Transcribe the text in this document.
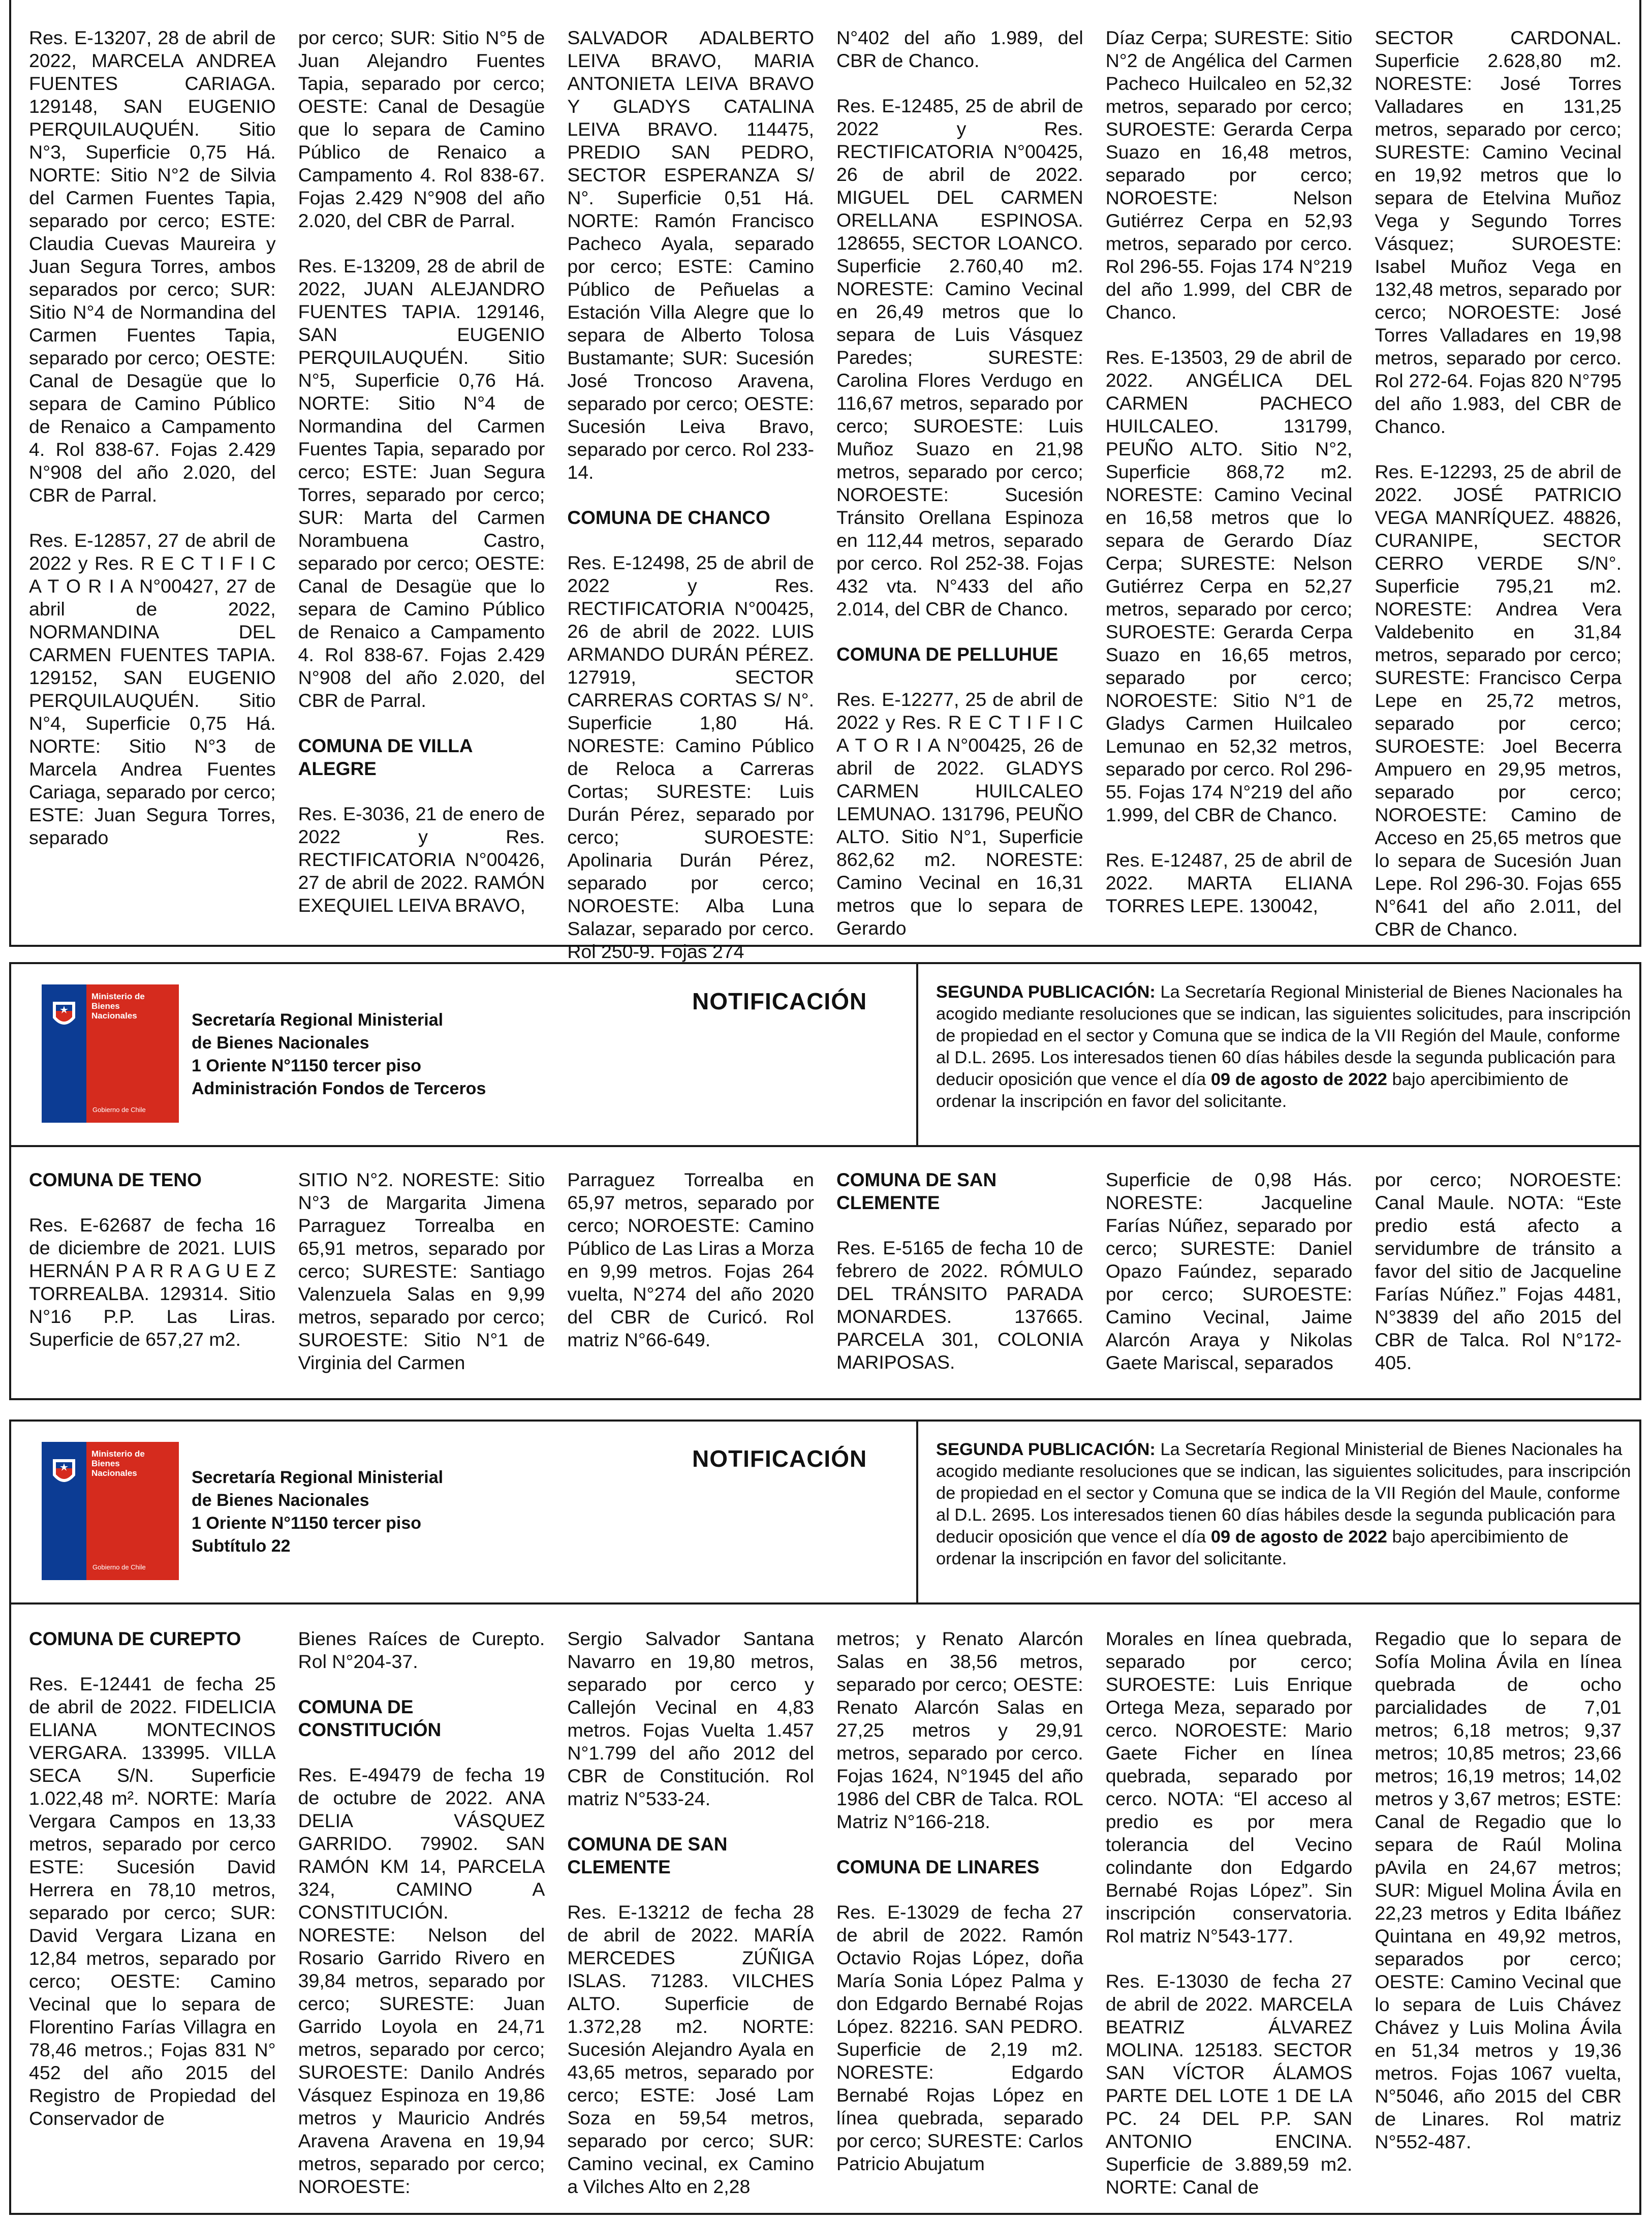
Res. E-13207, 28 de abril de 2022, MARCELA ANDREA FUENTES CARIAGA. 129148, SAN EUGENIO PERQUILAUQUÉN. Sitio N°3, Superficie 0,75 Há. NORTE: Sitio N°2 de Silvia del Carmen Fuentes Tapia, separado por cerco; ESTE: Claudia Cuevas Maureira y Juan Segura Torres, ambos separados por cerco; SUR: Sitio N°4 de Normandina del Carmen Fuentes Tapia, separado por cerco; OESTE: Canal de Desagüe que lo separa de Camino Público de Renaico a Campamento 4. Rol 838-67. Fojas 2.429 N°908 del año 2.020, del CBR de Parral.

Res. E-12857, 27 de abril de 2022 y Res. R E C T I F I C A T O R I A N°00427, 27 de abril de 2022, NORMANDINA DEL CARMEN FUENTES TAPIA. 129152, SAN EUGENIO PERQUILAUQUÉN. Sitio N°4, Superficie 0,75 Há. NORTE: Sitio N°3 de Marcela Andrea Fuentes Cariaga, separado por cerco; ESTE: Juan Segura Torres, separado

por cerco; SUR: Sitio N°5 de Juan Alejandro Fuentes Tapia, separado por cerco; OESTE: Canal de Desagüe que lo separa de Camino Público de Renaico a Campamento 4. Rol 838-67. Fojas 2.429 N°908 del año 2.020, del CBR de Parral.

Res. E-13209, 28 de abril de 2022, JUAN ALEJANDRO FUENTES TAPIA. 129146, SAN EUGENIO PERQUILAUQUÉN. Sitio N°5, Superficie 0,76 Há. NORTE: Sitio N°4 de Normandina del Carmen Fuentes Tapia, separado por cerco; ESTE: Juan Segura Torres, separado por cerco; SUR: Marta del Carmen Norambuena Castro, separado por cerco; OESTE: Canal de Desagüe que lo separa de Camino Público de Renaico a Campamento 4. Rol 838-67. Fojas 2.429 N°908 del año 2.020, del CBR de Parral.

COMUNA DE VILLA ALEGRE

Res. E-3036, 21 de enero de 2022 y Res. RECTIFICATORIA N°00426, 27 de abril de 2022. RAMÓN EXEQUIEL LEIVA BRAVO,

SALVADOR ADALBERTO LEIVA BRAVO, MARIA ANTONIETA LEIVA BRAVO Y GLADYS CATALINA LEIVA BRAVO. 114475, PREDIO SAN PEDRO, SECTOR ESPERANZA S/ N°. Superficie 0,51 Há. NORTE: Ramón Francisco Pacheco Ayala, separado por cerco; ESTE: Camino Público de Peñuelas a Estación Villa Alegre que lo separa de Alberto Tolosa Bustamante; SUR: Sucesión José Troncoso Aravena, separado por cerco; OESTE: Sucesión Leiva Bravo, separado por cerco. Rol 233-14.

COMUNA DE CHANCO

Res. E-12498, 25 de abril de 2022 y Res. RECTIFICATORIA N°00425, 26 de abril de 2022. LUIS ARMANDO DURÁN PÉREZ. 127919, SECTOR CARRERAS CORTAS S/ N°. Superficie 1,80 Há. NORESTE: Camino Público de Reloca a Carreras Cortas; SURESTE: Luis Durán Pérez, separado por cerco; SUROESTE: Apolinaria Durán Pérez, separado por cerco; NOROESTE: Alba Luna Salazar, separado por cerco. Rol 250-9. Fojas 274

N°402 del año 1.989, del CBR de Chanco.

Res. E-12485, 25 de abril de 2022 y Res. RECTIFICATORIA N°00425, 26 de abril de 2022. MIGUEL DEL CARMEN ORELLANA ESPINOSA. 128655, SECTOR LOANCO. Superficie 2.760,40 m2. NORESTE: Camino Vecinal en 26,49 metros que lo separa de Luis Vásquez Paredes; SURESTE: Carolina Flores Verdugo en 116,67 metros, separado por cerco; SUROESTE: Luis Muñoz Suazo en 21,98 metros, separado por cerco; NOROESTE: Sucesión Tránsito Orellana Espinoza en 112,44 metros, separado por cerco. Rol 252-38. Fojas 432 vta. N°433 del año 2.014, del CBR de Chanco.

COMUNA DE PELLUHUE

Res. E-12277, 25 de abril de 2022 y Res. R E C T I F I C A T O R I A N°00425, 26 de abril de 2022. GLADYS CARMEN HUILCALEO LEMUNAO. 131796, PEUÑO ALTO. Sitio N°1, Superficie 862,62 m2. NORESTE: Camino Vecinal en 16,31 metros que lo separa de Gerardo

Díaz Cerpa; SURESTE: Sitio N°2 de Angélica del Carmen Pacheco Huilcaleo en 52,32 metros, separado por cerco; SUROESTE: Gerarda Cerpa Suazo en 16,48 metros, separado por cerco; NOROESTE: Nelson Gutiérrez Cerpa en 52,93 metros, separado por cerco. Rol 296-55. Fojas 174 N°219 del año 1.999, del CBR de Chanco.

Res. E-13503, 29 de abril de 2022. ANGÉLICA DEL CARMEN PACHECO HUILCALEO. 131799, PEUÑO ALTO. Sitio N°2, Superficie 868,72 m2. NORESTE: Camino Vecinal en 16,58 metros que lo separa de Gerardo Díaz Cerpa; SURESTE: Nelson Gutiérrez Cerpa en 52,27 metros, separado por cerco; SUROESTE: Gerarda Cerpa Suazo en 16,65 metros, separado por cerco; NOROESTE: Sitio N°1 de Gladys Carmen Huilcaleo Lemunao en 52,32 metros, separado por cerco. Rol 296-55. Fojas 174 N°219 del año 1.999, del CBR de Chanco.

Res. E-12487, 25 de abril de 2022. MARTA ELIANA TORRES LEPE. 130042,

SECTOR CARDONAL. Superficie 2.628,80 m2. NORESTE: José Torres Valladares en 131,25 metros, separado por cerco; SURESTE: Camino Vecinal en 19,92 metros que lo separa de Etelvina Muñoz Vega y Segundo Torres Vásquez; SUROESTE: Isabel Muñoz Vega en 132,48 metros, separado por cerco; NOROESTE: José Torres Valladares en 19,98 metros, separado por cerco. Rol 272-64. Fojas 820 N°795 del año 1.983, del CBR de Chanco.

Res. E-12293, 25 de abril de 2022. JOSÉ PATRICIO VEGA MANRÍQUEZ. 48826, CURANIPE, SECTOR CERRO VERDE S/N°. Superficie 795,21 m2. NORESTE: Andrea Vera Valdebenito en 31,84 metros, separado por cerco; SURESTE: Francisco Cerpa Lepe en 25,72 metros, separado por cerco; SUROESTE: Joel Becerra Ampuero en 29,95 metros, separado por cerco; NOROESTE: Camino de Acceso en 25,65 metros que lo separa de Sucesión Juan Lepe. Rol 296-30. Fojas 655 N°641 del año 2.011, del CBR de Chanco.

Ministerio de
Bienes
Nacionales
Gobierno de Chile
Secretaría Regional Ministerial
de Bienes Nacionales
1 Oriente N°1150 tercer piso
Administración Fondos de Terceros
NOTIFICACIÓN	SEGUNDA PUBLICACIÓN: La Secretaría Regional Ministerial de Bienes Nacionales ha acogido mediante resoluciones que se indican, las siguientes solicitudes, para inscripción de propiedad en el sector y Comuna que se indica de la VII Región del Maule, conforme al D.L. 2695. Los interesados tienen 60 días hábiles desde la segunda publicación para deducir oposición que vence el día 09 de agosto de 2022 bajo apercibimiento de ordenar la inscripción en favor del solicitante.
COMUNA DE TENO

Res. E-62687 de fecha 16 de diciembre de 2021. LUIS HERNÁN P A R R A G U E Z TORREALBA. 129314. Sitio N°16 P.P. Las Liras. Superficie de 657,27 m2.

SITIO N°2. NORESTE: Sitio N°3 de Margarita Jimena Parraguez Torrealba en 65,91 metros, separado por cerco; SURESTE: Santiago Valenzuela Salas en 9,99 metros, separado por cerco; SUROESTE: Sitio N°1 de Virginia del Carmen

Parraguez Torrealba en 65,97 metros, separado por cerco; NOROESTE: Camino Público de Las Liras a Morza en 9,99 metros. Fojas 264 vuelta, N°274 del año 2020 del CBR de Curicó. Rol matriz N°66-649.

COMUNA DE SAN CLEMENTE

Res. E-5165 de fecha 10 de febrero de 2022. RÓMULO DEL TRÁNSITO PARADA MONARDES. 137665. PARCELA 301, COLONIA MARIPOSAS.

Superficie de 0,98 Hás. NORESTE: Jacqueline Farías Núñez, separado por cerco; SURESTE: Daniel Opazo Faúndez, separado por cerco; SUROESTE: Camino Vecinal, Jaime Alarcón Araya y Nikolas Gaete Mariscal, separados

por cerco; NOROESTE: Canal Maule. NOTA: “Este predio está afecto a servidumbre de tránsito a favor del sitio de Jacqueline Farías Núñez.” Fojas 4481, N°3839 del año 2015 del CBR de Talca. Rol N°172-405.

Ministerio de
Bienes
Nacionales
Gobierno de Chile
Secretaría Regional Ministerial
de Bienes Nacionales
1 Oriente N°1150 tercer piso
Subtítulo 22
NOTIFICACIÓN	SEGUNDA PUBLICACIÓN: La Secretaría Regional Ministerial de Bienes Nacionales ha acogido mediante resoluciones que se indican, las siguientes solicitudes, para inscripción de propiedad en el sector y Comuna que se indica de la VII Región del Maule, conforme al D.L. 2695. Los interesados tienen 60 días hábiles desde la segunda publicación para deducir oposición que vence el día 09 de agosto de 2022 bajo apercibimiento de ordenar la inscripción en favor del solicitante.
COMUNA DE CUREPTO

Res. E-12441 de fecha 25 de abril de 2022. FIDELICIA ELIANA MONTECINOS VERGARA. 133995. VILLA SECA S/N. Superficie 1.022,48 m². NORTE: María Vergara Campos en 13,33 metros, separado por cerco ESTE: Sucesión David Herrera en 78,10 metros, separado por cerco; SUR: David Vergara Lizana en 12,84 metros, separado por cerco; OESTE: Camino Vecinal que lo separa de Florentino Farías Villagra en 78,46 metros.; Fojas 831 N° 452 del año 2015 del Registro de Propiedad del Conservador de

Bienes Raíces de Curepto. Rol N°204-37.

COMUNA DE CONSTITUCIÓN

Res. E-49479 de fecha 19 de octubre de 2022. ANA DELIA VÁSQUEZ GARRIDO. 79902. SAN RAMÓN KM 14, PARCELA 324, CAMINO A CONSTITUCIÓN. NORESTE: Nelson del Rosario Garrido Rivero en 39,84 metros, separado por cerco; SURESTE: Juan Garrido Loyola en 24,71 metros, separado por cerco; SUROESTE: Danilo Andrés Vásquez Espinoza en 19,86 metros y Mauricio Andrés Aravena Aravena en 19,94 metros, separado por cerco; NOROESTE:

Sergio Salvador Santana Navarro en 19,80 metros, separado por cerco y Callejón Vecinal en 4,83 metros. Fojas Vuelta 1.457 N°1.799 del año 2012 del CBR de Constitución. Rol matriz N°533-24.

COMUNA DE SAN CLEMENTE

Res. E-13212 de fecha 28 de abril de 2022. MARÍA MERCEDES ZÚÑIGA ISLAS. 71283. VILCHES ALTO. Superficie de 1.372,28 m2. NORTE: Sucesión Alejandro Ayala en 43,65 metros, separado por cerco; ESTE: José Lam Soza en 59,54 metros, separado por cerco; SUR: Camino vecinal, ex Camino a Vilches Alto en 2,28

metros; y Renato Alarcón Salas en 38,56 metros, separado por cerco; OESTE: Renato Alarcón Salas en 27,25 metros y 29,91 metros, separado por cerco. Fojas 1624, N°1945 del año 1986 del CBR de Talca. ROL Matriz N°166-218.

COMUNA DE LINARES

Res. E-13029 de fecha 27 de abril de 2022. Ramón Octavio Rojas López, doña María Sonia López Palma y don Edgardo Bernabé Rojas López. 82216. SAN PEDRO. Superficie de 2,19 m2. NORESTE: Edgardo Bernabé Rojas López en línea quebrada, separado por cerco; SURESTE: Carlos Patricio Abujatum

Morales en línea quebrada, separado por cerco; SUROESTE: Luis Enrique Ortega Meza, separado por cerco. NOROESTE: Mario Gaete Ficher en línea quebrada, separado por cerco. NOTA: “El acceso al predio es por mera tolerancia del Vecino colindante don Edgardo Bernabé Rojas López”. Sin inscripción conservatoria. Rol matriz N°543-177.

Res. E-13030 de fecha 27 de abril de 2022. MARCELA BEATRIZ ÁLVAREZ MOLINA. 125183. SECTOR SAN VÍCTOR ÁLAMOS PARTE DEL LOTE 1 DE LA PC. 24 DEL P.P. SAN ANTONIO ENCINA. Superficie de 3.889,59 m2. NORTE: Canal de

Regadio que lo separa de Sofía Molina Ávila en línea quebrada de ocho parcialidades de 7,01 metros; 6,18 metros; 9,37 metros; 10,85 metros; 23,66 metros; 16,19 metros; 14,02 metros y 3,67 metros; ESTE: Canal de Regadio que lo separa de Raúl Molina pAvila en 24,67 metros; SUR: Miguel Molina Ávila en 22,23 metros y Edita Ibáñez Quintana en 49,92 metros, separados por cerco; OESTE: Camino Vecinal que lo separa de Luis Chávez Chávez y Luis Molina Ávila en 51,34 metros y 19,36 metros. Fojas 1067 vuelta, N°5046, año 2015 del CBR de Linares. Rol matriz N°552-487.
